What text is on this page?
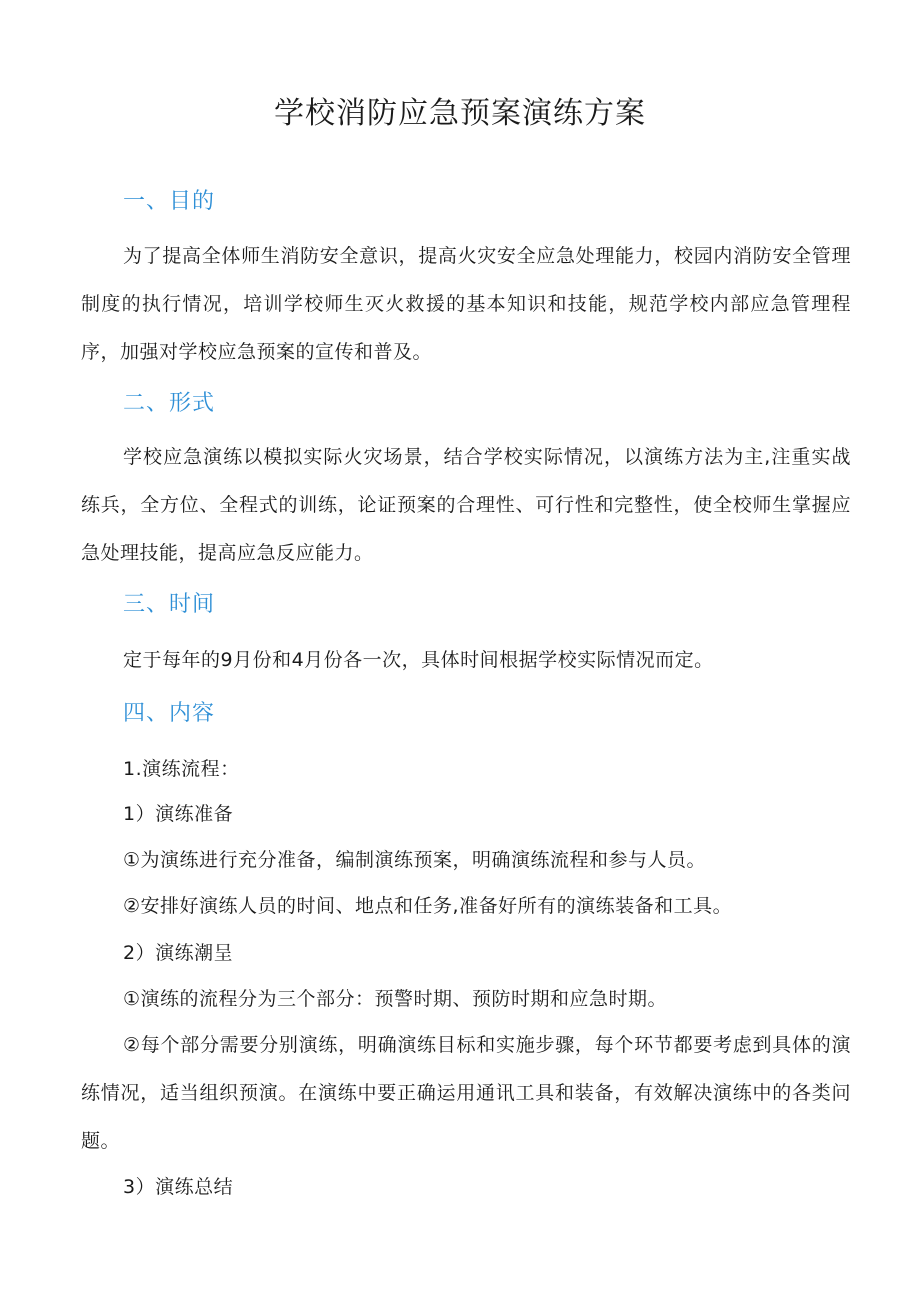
学校消防应急预案演练方案
一、目的
为了提高全体师生消防安全意识，提高火灾安全应急处理能力，校园内消防安全管理制度的执行情况，培训学校师生灭火救援的基本知识和技能，规范学校内部应急管理程序，加强对学校应急预案的宣传和普及。
二、形式
学校应急演练以模拟实际火灾场景，结合学校实际情况，以演练方法为主,注重实战练兵，全方位、全程式的训练，论证预案的合理性、可行性和完整性，使全校师生掌握应急处理技能，提高应急反应能力。
三、时间
定于每年的9月份和4月份各一次，具体时间根据学校实际情况而定。
四、内容
1.演练流程：
1）演练准备
①为演练进行充分准备，编制演练预案，明确演练流程和参与人员。
②安排好演练人员的时间、地点和任务,准备好所有的演练装备和工具。
2）演练潮呈
①演练的流程分为三个部分：预警时期、预防时期和应急时期。
②每个部分需要分别演练，明确演练目标和实施步骤，每个环节都要考虑到具体的演练情况，适当组织预演。在演练中要正确运用通讯工具和装备，有效解决演练中的各类问题。
3）演练总结
